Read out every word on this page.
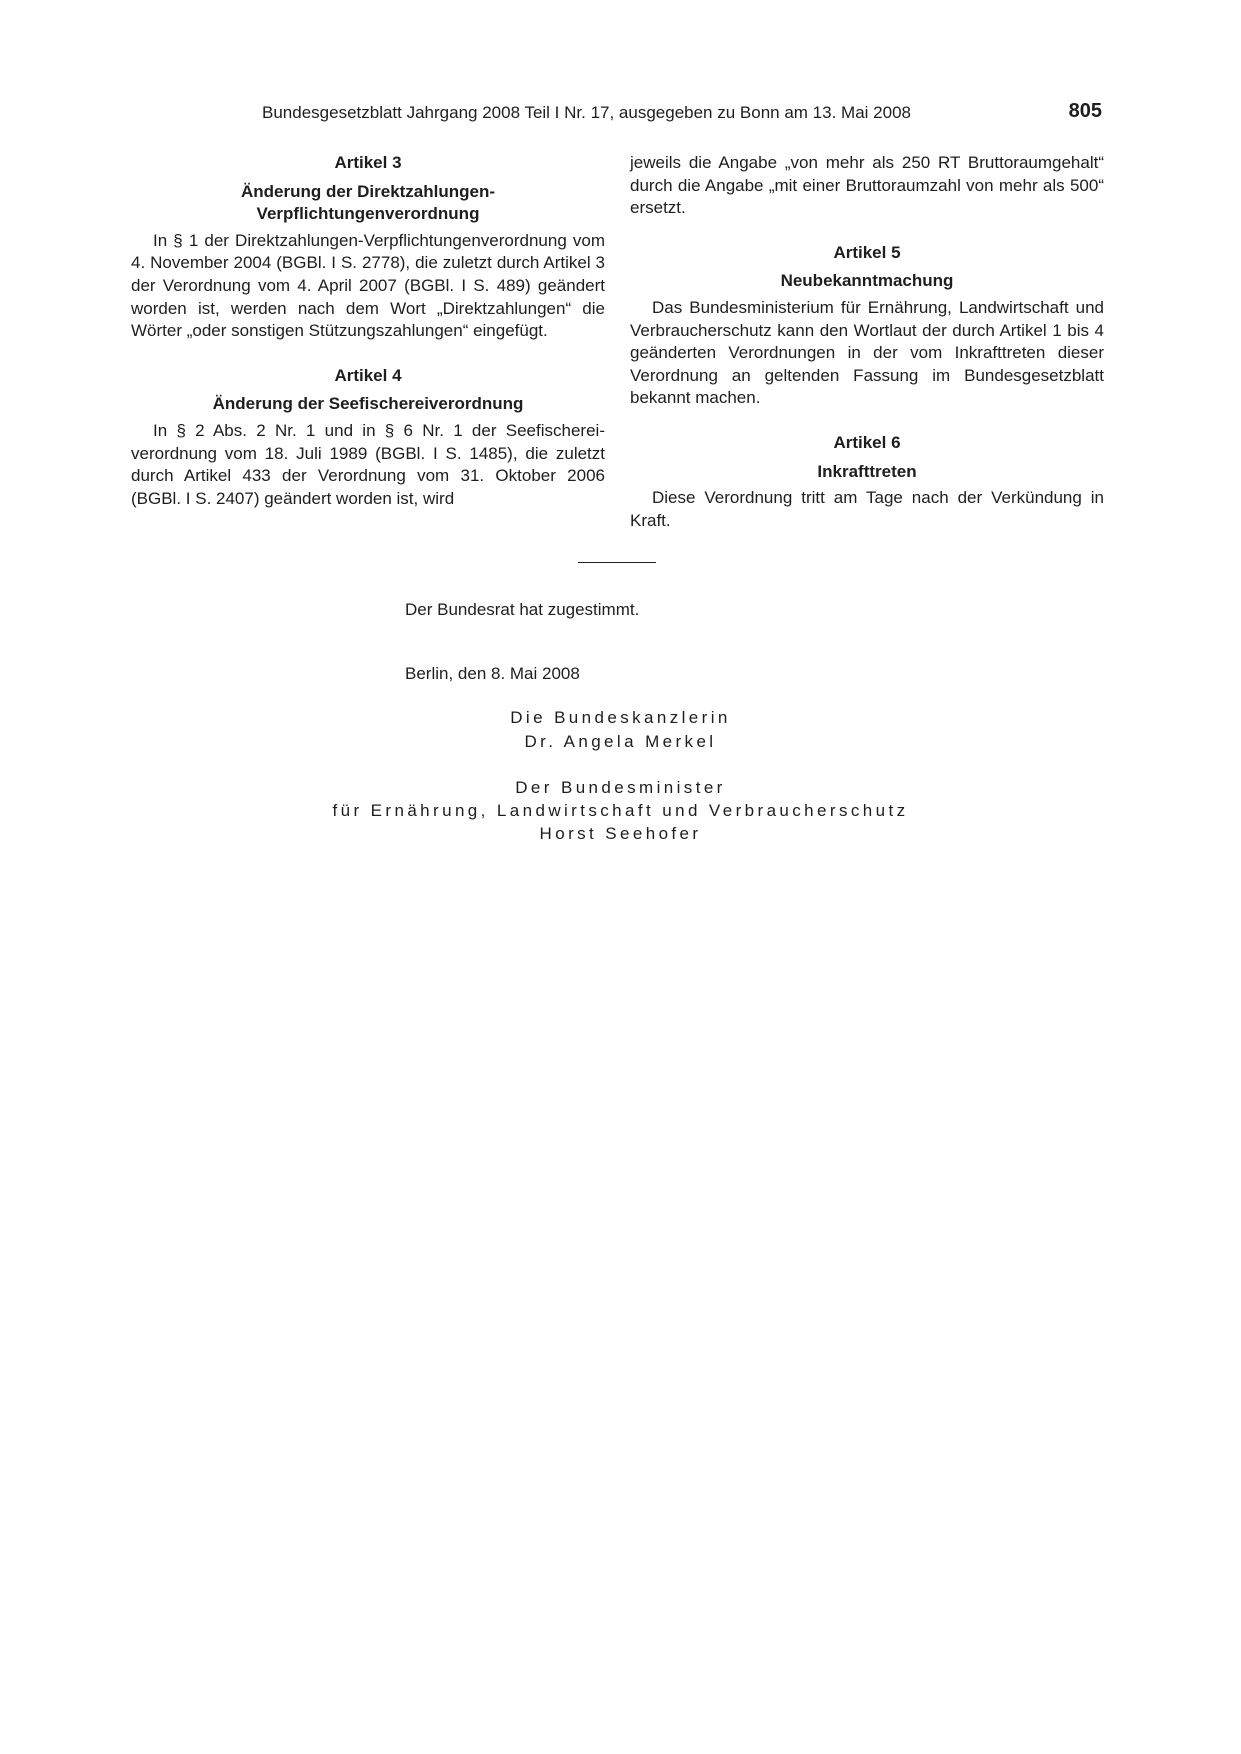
Bundesgesetzblatt Jahrgang 2008 Teil I Nr. 17, ausgegeben zu Bonn am 13. Mai 2008	805

Artikel 3

Änderung der Direktzahlungen-Verpflichtungenverordnung

In § 1 der Direktzahlungen-Verpflichtungenverordnung vom 4. November 2004 (BGBl. I S. 2778), die zuletzt durch Artikel 3 der Verordnung vom 4. April 2007 (BGBl. I S. 489) geändert worden ist, werden nach dem Wort „Direktzahlungen“ die Wörter „oder sonstigen Stützungszahlungen“ eingefügt.

Artikel 4

Änderung der Seefischereiverordnung

In § 2 Abs. 2 Nr. 1 und in § 6 Nr. 1 der Seefischereiverordnung vom 18. Juli 1989 (BGBl. I S. 1485), die zuletzt durch Artikel 433 der Verordnung vom 31. Oktober 2006 (BGBl. I S. 2407) geändert worden ist, wird

jeweils die Angabe „von mehr als 250 RT Bruttoraumgehalt“ durch die Angabe „mit einer Bruttoraumzahl von mehr als 500“ ersetzt.

Artikel 5

Neubekanntmachung

Das Bundesministerium für Ernährung, Landwirtschaft und Verbraucherschutz kann den Wortlaut der durch Artikel 1 bis 4 geänderten Verordnungen in der vom Inkrafttreten dieser Verordnung an geltenden Fassung im Bundesgesetzblatt bekannt machen.

Artikel 6

Inkrafttreten

Diese Verordnung tritt am Tage nach der Verkündung in Kraft.

Der Bundesrat hat zugestimmt.
Berlin, den 8. Mai 2008
Die Bundeskanzlerin
Dr. Angela Merkel
Der Bundesminister
für Ernährung, Landwirtschaft und Verbraucherschutz
Horst Seehofer
